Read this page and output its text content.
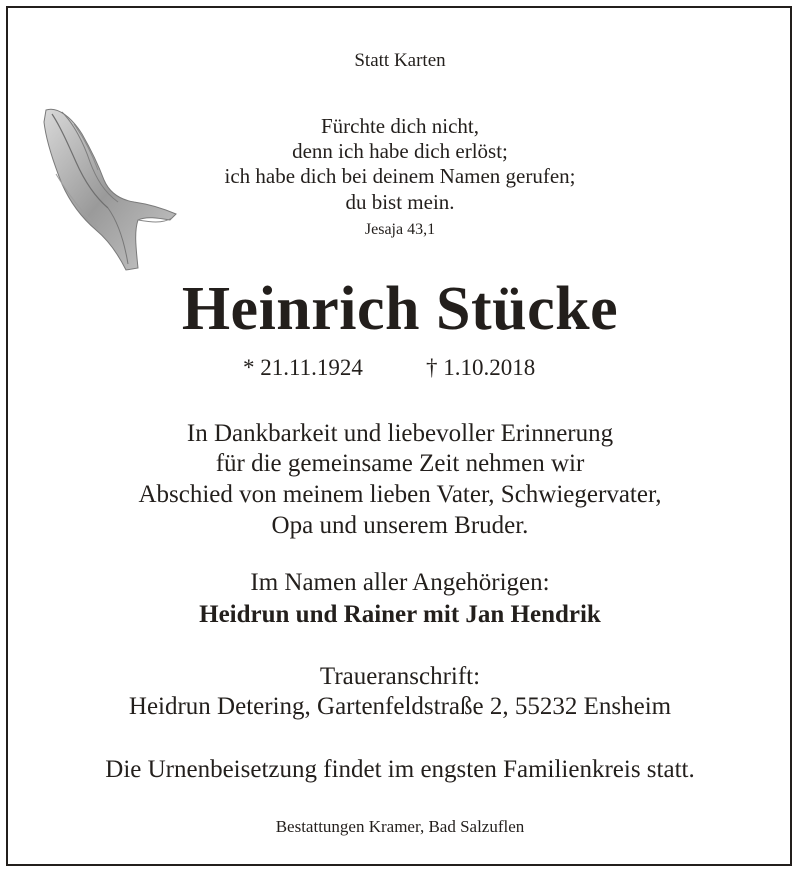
Statt Karten
Fürchte dich nicht,
denn ich habe dich erlöst;
ich habe dich bei deinem Namen gerufen;
du bist mein.
Jesaja 43,1
Heinrich Stücke
* 21.11.1924	† 1.10.2018
In Dankbarkeit und liebevoller Erinnerung
für die gemeinsame Zeit nehmen wir
Abschied von meinem lieben Vater, Schwiegervater,
Opa und unserem Bruder.
Im Namen aller Angehörigen:
Heidrun und Rainer mit Jan Hendrik
Traueranschrift:
Heidrun Detering, Gartenfeldstraße 2, 55232 Ensheim
Die Urnenbeisetzung findet im engsten Familienkreis statt.
Bestattungen Kramer, Bad Salzuflen
